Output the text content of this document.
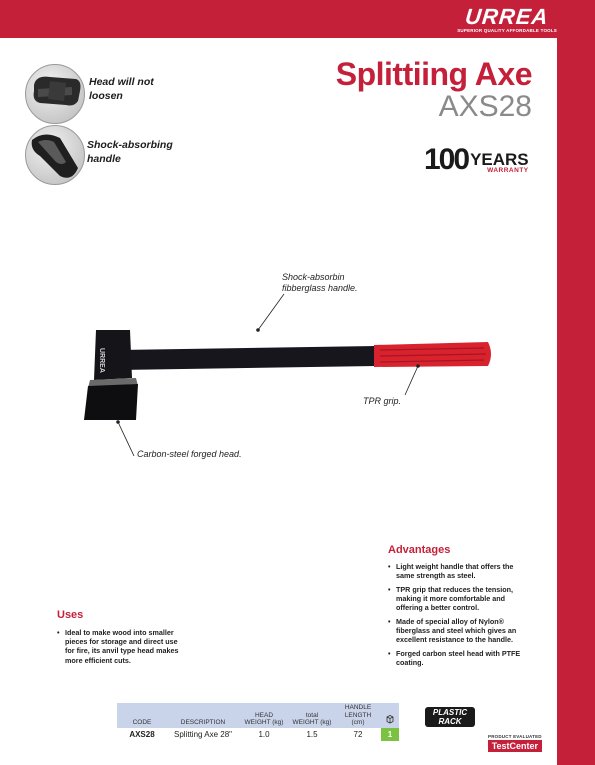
URREA
SUPERIOR QUALITY AFFORDABLE TOOLS
Head will not loosen
Shock-absorbing handle
Splittiing Axe
AXS28
100 YEARS
WARRANTY
URREA
Shock-absorbin fibberglass handle.
TPR grip.
Carbon-steel forged head.
Advantages
• Light weight handle that offers the same strength as steel.
• TPR grip that reduces the tension, making it more comfortable and offering a better control.
• Made of special alloy of Nylon® fiberglass and steel which gives an excellent resistance to the handle.
• Forged carbon steel head with PTFE coating.
Uses
• Ideal to make wood into smaller pieces for storage and direct use for fire, its anvil type head makes more efficient cuts.
CODE	DESCRIPTION	HEAD WEIGHT (kg)	total WEIGHT (kg)	HANDLE LENGTH (cm)	
AXS28	Splitting Axe 28"	1.0	1.5	72	1
PLASTIC
RACK
PRODUCT EVALUATED
TestCenter
